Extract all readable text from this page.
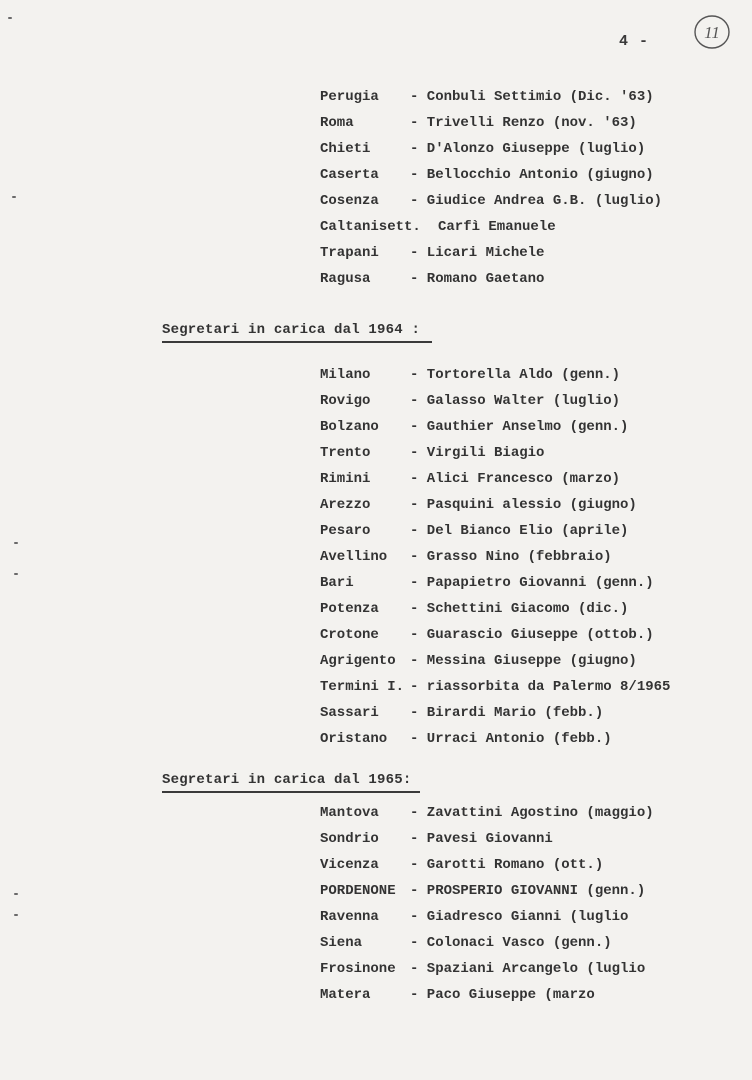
4 -	11
Perugia - Conbuli Settimio (Dic. '63)
Roma	- Trivelli Renzo (nov. '63)
Chieti	- D'Alonzo Giuseppe (luglio)
Caserta - Bellocchio Antonio (giugno)
Cosenza - Giudice Andrea G.B. (luglio)
Caltanisett. Carfì Emanuele
Trapani - Licari Michele
Ragusa	- Romano Gaetano
Segretari in carica dal 1964 :
Milano	- Tortorella Aldo (genn.)
Rovigo	- Galasso Walter (luglio)
Bolzano - Gauthier Anselmo (genn.)
Trento	- Virgili Biagio
Rimini	- Alici Francesco (marzo)
Arezzo	- Pasquini alessio (giugno)
Pesaro	- Del Bianco Elio (aprile)
Avellino - Grasso Nino (febbraio)
Bari	- Papapietro Giovanni (genn.)
Potenza - Schettini Giacomo (dic.)
Crotone - Guarascio Giuseppe (ottob.)
Agrigento - Messina Giuseppe (giugno)
Termini I. - riassorbita da Palermo 8/1965
Sassari - Birardi Mario (febb.)
Oristano - Urraci Antonio (febb.)
Segretari in carica dal 1965:
Mantova - Zavattini Agostino (maggio)
Sondrio - Pavesi Giovanni
Vicenza - Garotti Romano (ott.)
PORDENONE - PROSPERIO GIOVANNI (genn.)
Ravenna - Giadresco Gianni (luglio
Siena	- Colonaci Vasco (genn.)
Frosinone - Spaziani Arcangelo (luglio
Matera	- Paco Giuseppe (marzo
